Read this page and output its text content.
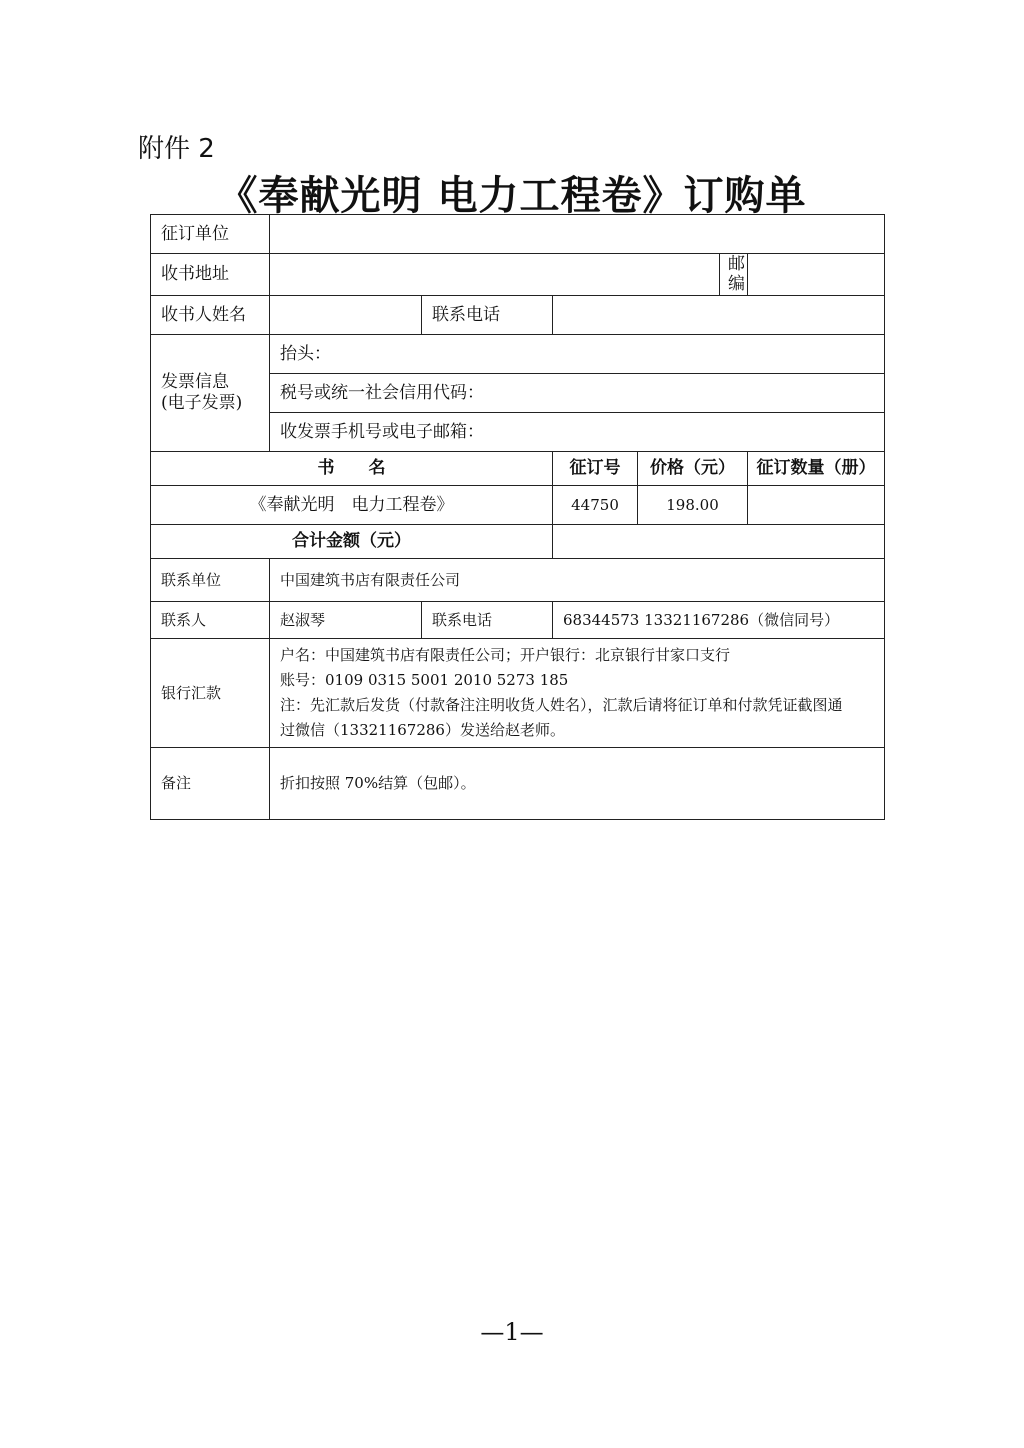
附件 2
《奉献光明 电力工程卷》订购单
征订单位						
收书地址					邮编	
收书人姓名		联系电话				

发票信息
(电子发票)	抬头：					
	税号或统一社会信用代码：					
	收发票手机号或电子邮箱：					
书　　名			征订号	价格（元）		征订数量（册）
《奉献光明　电力工程卷》			44750	198.00		
合计金额（元）						
联系单位	中国建筑书店有限责任公司					
联系人	赵淑琴	联系电话	68344573 13321167286（微信同号）			
银行汇款	户名：中国建筑书店有限责任公司；开户银行：北京银行甘家口支行

账号：0109 0315 5001 2010 5273 185

注：先汇款后发货（付款备注注明收货人姓名），汇款后请将征订单和付款凭证截图通

过微信（13321167286）发送给赵老师。					

备注	折扣按照 70%结算（包邮）。					
—1—
